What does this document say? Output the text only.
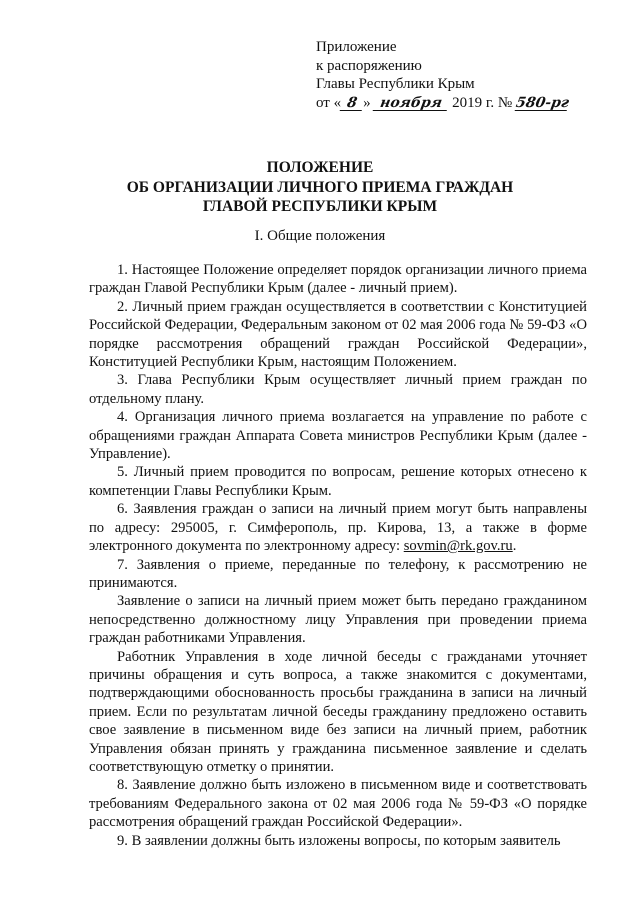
Приложение
к распоряжению
Главы Республики Крым
от « 8 » ноября 2019 г. № 580-рг
ПОЛОЖЕНИЕ
ОБ ОРГАНИЗАЦИИ ЛИЧНОГО ПРИЕМА ГРАЖДАН
ГЛАВОЙ РЕСПУБЛИКИ КРЫМ
I. Общие положения

1. Настоящее Положение определяет порядок организации личного приема граждан Главой Республики Крым (далее - личный прием).

2. Личный прием граждан осуществляется в соответствии с Конституцией Российской Федерации, Федеральным законом от 02 мая 2006 года № 59-ФЗ «О порядке рассмотрения обращений граждан Российской Федерации», Конституцией Республики Крым, настоящим Положением.

3. Глава Республики Крым осуществляет личный прием граждан по отдельному плану.

4. Организация личного приема возлагается на управление по работе с обращениями граждан Аппарата Совета министров Республики Крым (далее - Управление).

5. Личный прием проводится по вопросам, решение которых отнесено к компетенции Главы Республики Крым.

6. Заявления граждан о записи на личный прием могут быть направлены по адресу: 295005, г. Симферополь, пр. Кирова, 13, а также в форме электронного документа по электронному адресу: sovmin@rk.gov.ru.

7. Заявления о приеме, переданные по телефону, к рассмотрению не принимаются.

Заявление о записи на личный прием может быть передано гражданином непосредственно должностному лицу Управления при проведении приема граждан работниками Управления.

Работник Управления в ходе личной беседы с гражданами уточняет причины обращения и суть вопроса, а также знакомится с документами, подтверждающими обоснованность просьбы гражданина в записи на личный прием. Если по результатам личной беседы гражданину предложено оставить свое заявление в письменном виде без записи на личный прием, работник Управления обязан принять у гражданина письменное заявление и сделать соответствующую отметку о принятии.

8. Заявление должно быть изложено в письменном виде и соответствовать требованиям Федерального закона от 02 мая 2006 года № 59-ФЗ «О порядке рассмотрения обращений граждан Российской Федерации».

9. В заявлении должны быть изложены вопросы, по которым заявитель
